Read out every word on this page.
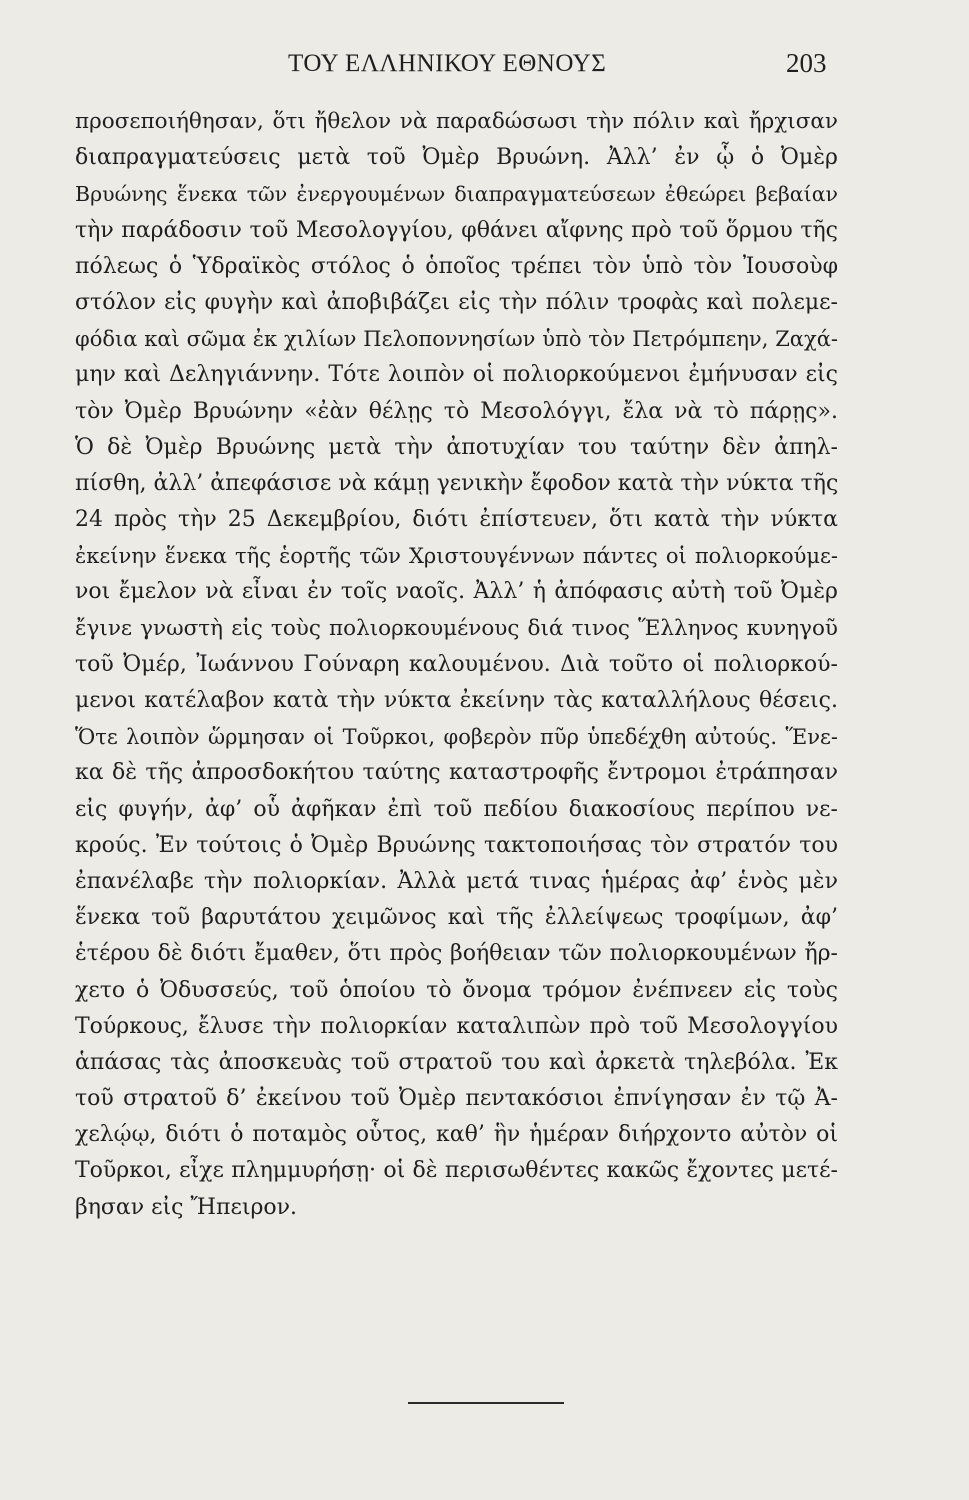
ΤΟΥ ΕΛΛΗΝΙΚΟΥ ΕΘΝΟΥΣ	203
προσεποιήθησαν, ὅτι ἤθελον νὰ παραδώσωσι τὴν πόλιν καὶ ἤρχισαν
διαπραγματεύσεις μετὰ τοῦ Ὀμὲρ Βρυώνη. Ἀλλ’ ἐν ᾧ ὁ Ὀμὲρ
Βρυώνης ἕνεκα τῶν ἐνεργουμένων διαπραγματεύσεων ἐθεώρει βεβαίαν
τὴν παράδοσιν τοῦ Μεσολογγίου, φθάνει αἴφνης πρὸ τοῦ ὅρμου τῆς
πόλεως ὁ Ὑδραϊκὸς στόλος ὁ ὁποῖος τρέπει τὸν ὑπὸ τὸν Ἰουσοὺφ
στόλον εἰς φυγὴν καὶ ἀποβιβάζει εἰς τὴν πόλιν τροφὰς καὶ πολεμε-
φόδια καὶ σῶμα ἐκ χιλίων Πελοποννησίων ὑπὸ τὸν Πετρόμπεην, Ζαχά-
μην καὶ Δεληγιάννην. Τότε λοιπὸν οἱ πολιορκούμενοι ἐμήνυσαν εἰς
τὸν Ὀμὲρ Βρυώνην «ἐὰν θέλῃς τὸ Μεσολόγγι, ἔλα νὰ τὸ πάρῃς».
Ὁ δὲ Ὀμὲρ Βρυώνης μετὰ τὴν ἀποτυχίαν του ταύτην δὲν ἀπηλ-
πίσθη, ἀλλ’ ἀπεφάσισε νὰ κάμῃ γενικὴν ἔφοδον κατὰ τὴν νύκτα τῆς
24 πρὸς τὴν 25 Δεκεμβρίου, διότι ἐπίστευεν, ὅτι κατὰ τὴν νύκτα
ἐκείνην ἕνεκα τῆς ἑορτῆς τῶν Χριστουγέννων πάντες οἱ πολιορκούμε-
νοι ἔμελον νὰ εἶναι ἐν τοῖς ναοῖς. Ἀλλ’ ἡ ἀπόφασις αὐτὴ τοῦ Ὀμὲρ
ἔγινε γνωστὴ εἰς τοὺς πολιορκουμένους διά τινος Ἕλληνος κυνηγοῦ
τοῦ Ὀμέρ, Ἰωάννου Γούναρη καλουμένου. Διὰ τοῦτο οἱ πολιορκού-
μενοι κατέλαβον κατὰ τὴν νύκτα ἐκείνην τὰς καταλλήλους θέσεις.
Ὅτε λοιπὸν ὥρμησαν οἱ Τοῦρκοι, φοβερὸν πῦρ ὑπεδέχθη αὐτούς. Ἕνε-
κα δὲ τῆς ἀπροσδοκήτου ταύτης καταστροφῆς ἔντρομοι ἐτράπησαν
εἰς φυγήν, ἀφ’ οὗ ἀφῆκαν ἐπὶ τοῦ πεδίου διακοσίους περίπου νε-
κρούς. Ἐν τούτοις ὁ Ὀμὲρ Βρυώνης τακτοποιήσας τὸν στρατόν του
ἐπανέλαβε τὴν πολιορκίαν. Ἀλλὰ μετά τινας ἡμέρας ἀφ’ ἑνὸς μὲν
ἕνεκα τοῦ βαρυτάτου χειμῶνος καὶ τῆς ἐλλείψεως τροφίμων, ἀφ’
ἑτέρου δὲ διότι ἔμαθεν, ὅτι πρὸς βοήθειαν τῶν πολιορκουμένων ἤρ-
χετο ὁ Ὀδυσσεύς, τοῦ ὁποίου τὸ ὄνομα τρόμον ἐνέπνεεν εἰς τοὺς
Τούρκους, ἔλυσε τὴν πολιορκίαν καταλιπὼν πρὸ τοῦ Μεσολογγίου
ἁπάσας τὰς ἀποσκευὰς τοῦ στρατοῦ του καὶ ἀρκετὰ τηλεβόλα. Ἐκ
τοῦ στρατοῦ δ’ ἐκείνου τοῦ Ὀμὲρ πεντακόσιοι ἐπνίγησαν ἐν τῷ Ἀ-
χελῴῳ, διότι ὁ ποταμὸς οὗτος, καθ’ ἣν ἡμέραν διήρχοντο αὐτὸν οἱ
Τοῦρκοι, εἶχε πλημμυρήσῃ· οἱ δὲ περισωθέντες κακῶς ἔχοντες μετέ-
βησαν εἰς Ἤπειρον.
